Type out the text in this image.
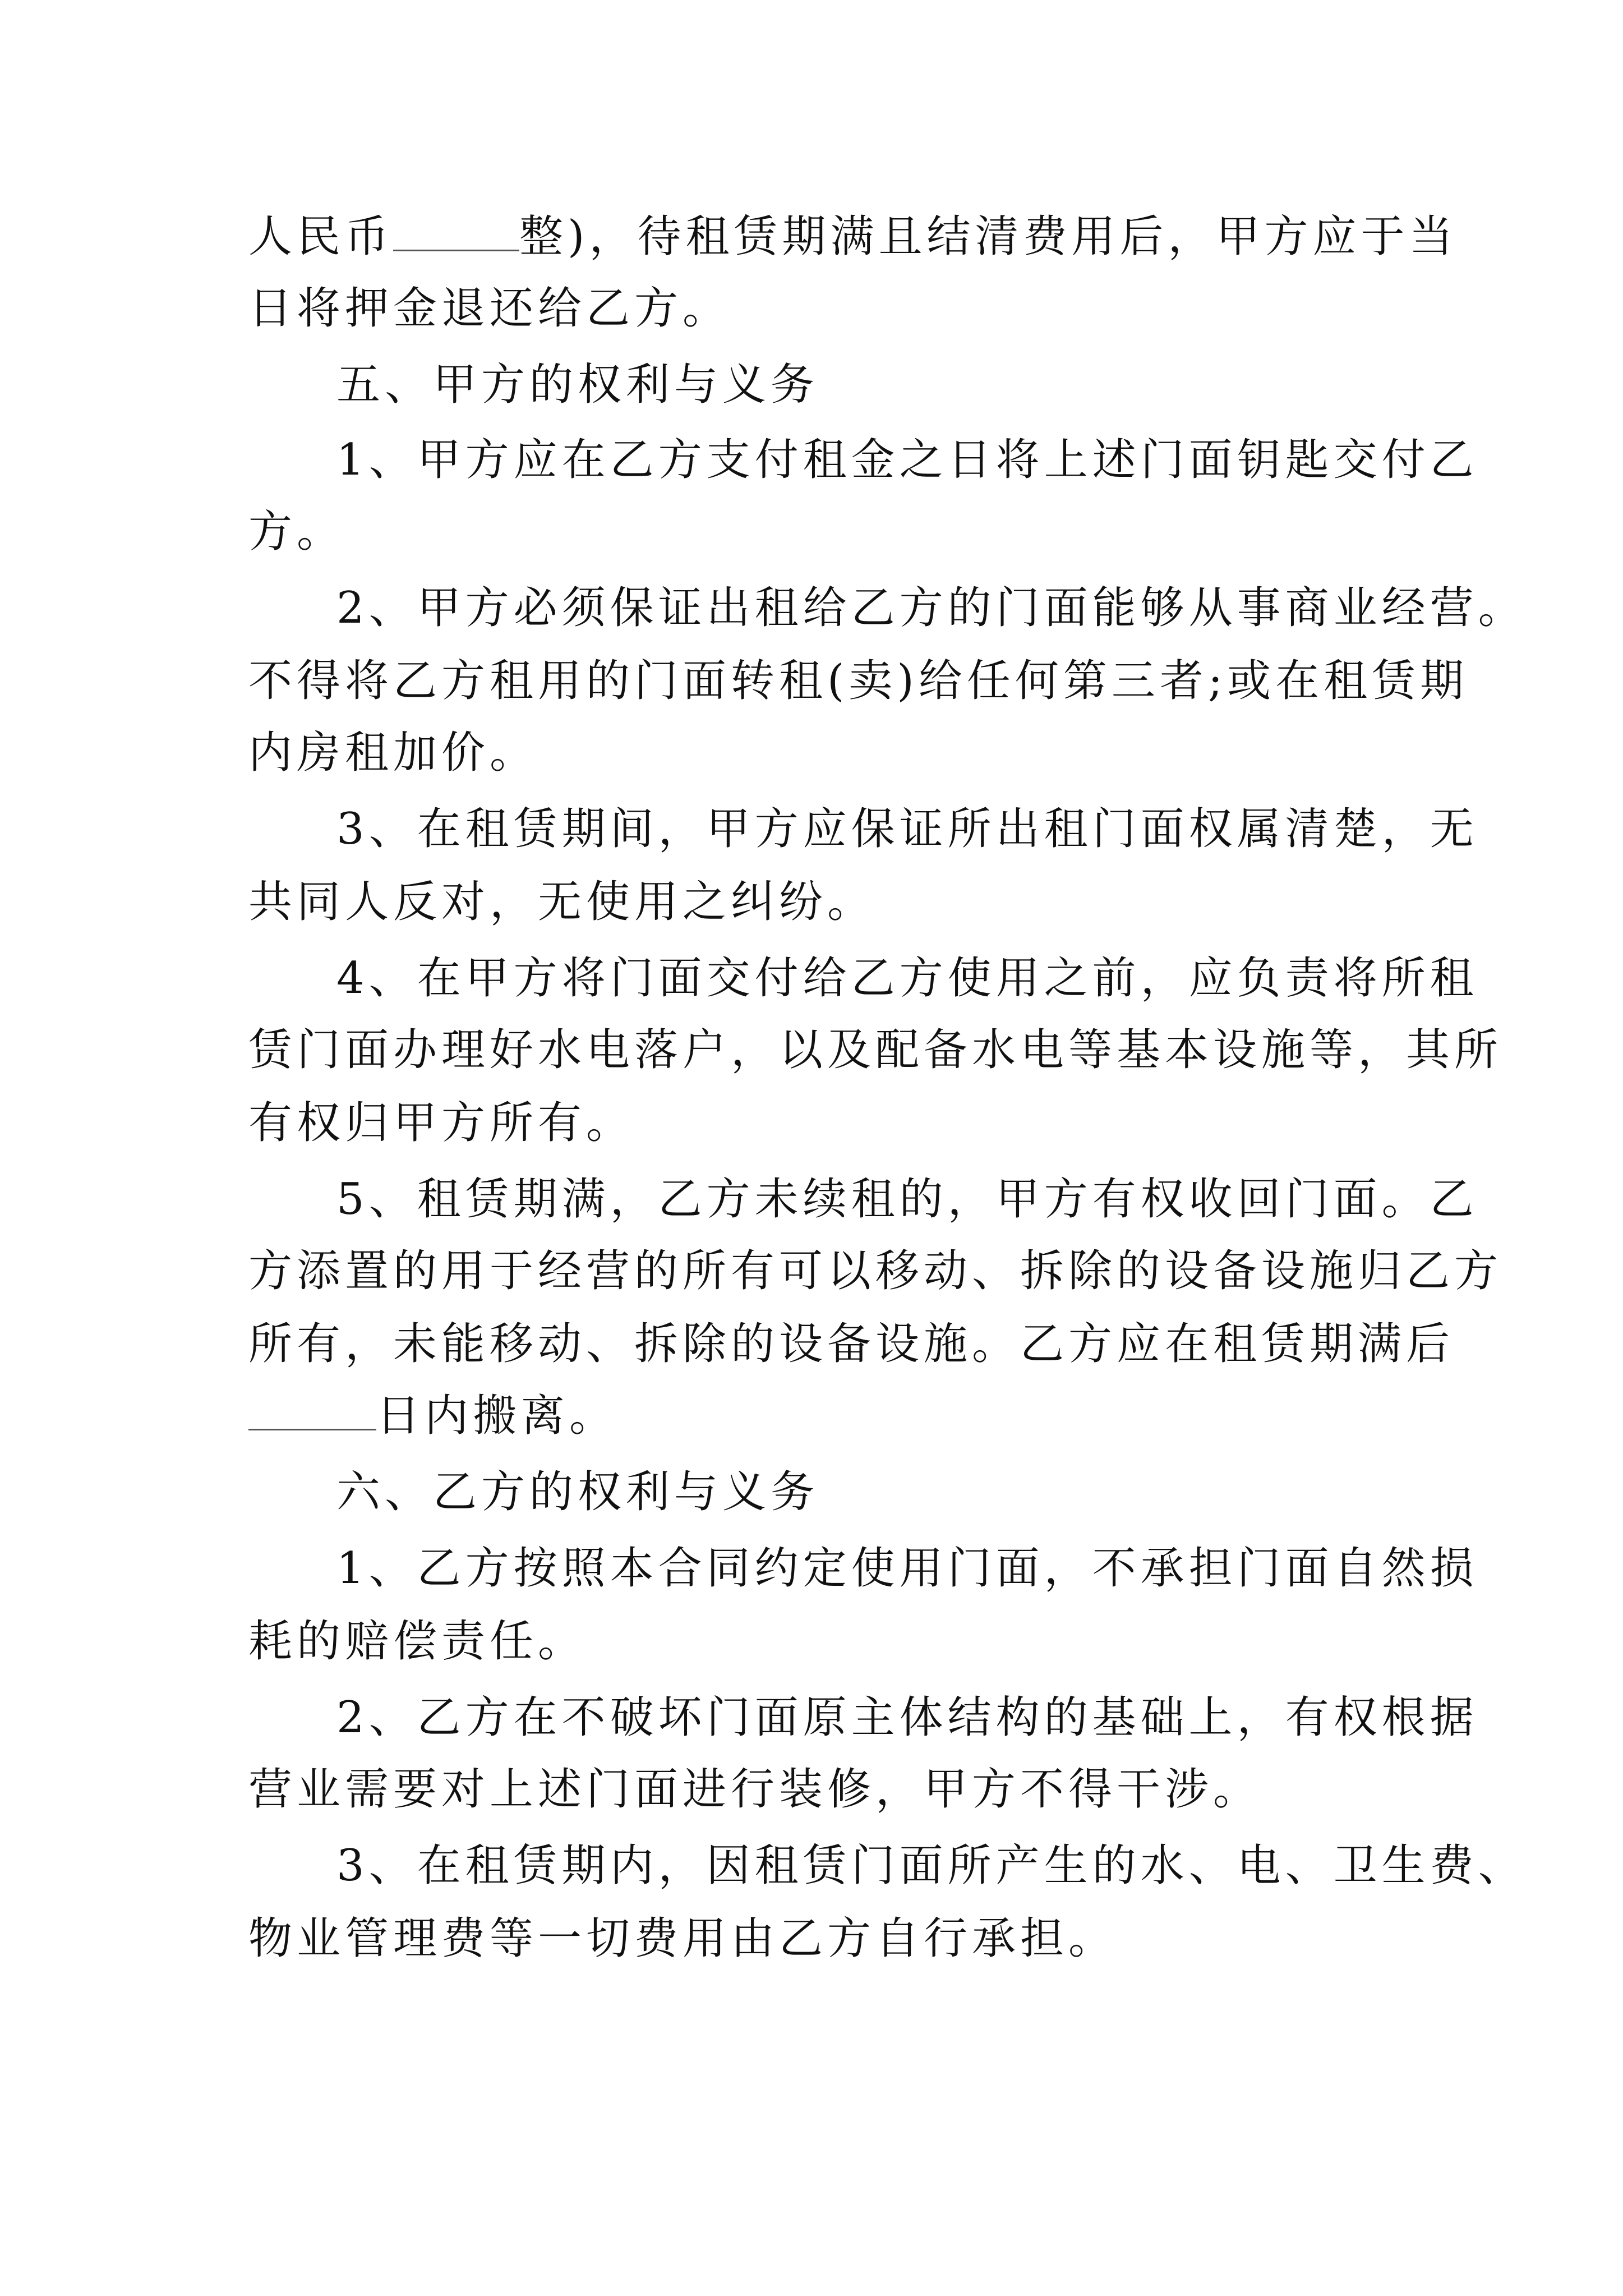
人民币	整)，待租赁期满且结清费用后，甲方应于当
日将押金退还给乙方。
五、甲方的权利与义务
1、甲方应在乙方支付租金之日将上述门面钥匙交付乙
方。
2、甲方必须保证出租给乙方的门面能够从事商业经营。
不得将乙方租用的门面转租(卖)给任何第三者;或在租赁期
内房租加价。
3、在租赁期间，甲方应保证所出租门面权属清楚，无
共同人反对，无使用之纠纷。
4、在甲方将门面交付给乙方使用之前，应负责将所租
赁门面办理好水电落户，以及配备水电等基本设施等，其所
有权归甲方所有。
5、租赁期满，乙方未续租的，甲方有权收回门面。乙
方添置的用于经营的所有可以移动、拆除的设备设施归乙方
所有，未能移动、拆除的设备设施。乙方应在租赁期满后
日内搬离。
六、乙方的权利与义务
1、乙方按照本合同约定使用门面，不承担门面自然损
耗的赔偿责任。
2、乙方在不破坏门面原主体结构的基础上，有权根据
营业需要对上述门面进行装修，甲方不得干涉。
3、在租赁期内，因租赁门面所产生的水、电、卫生费、
物业管理费等一切费用由乙方自行承担。
